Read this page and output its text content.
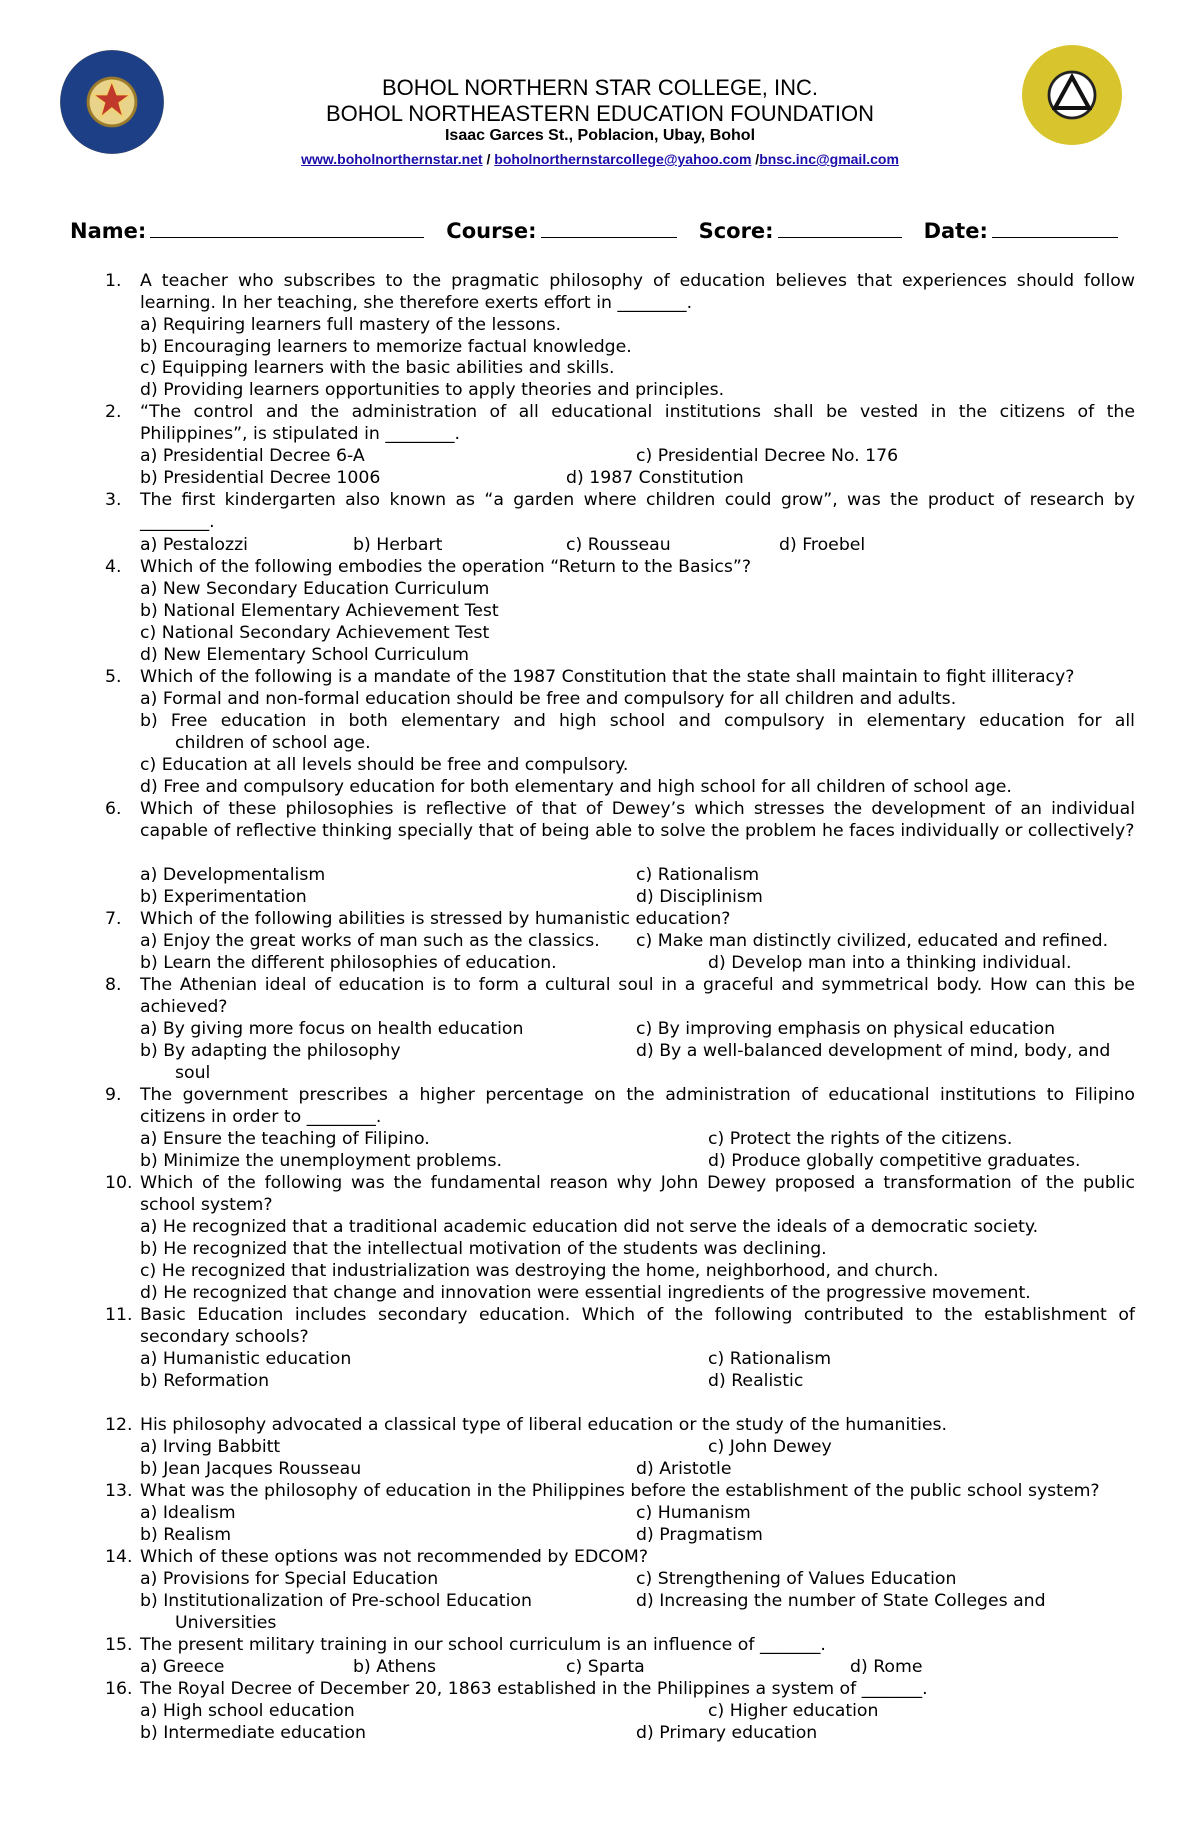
BOHOL NORTHERN STAR COLLEGE, INC.
BOHOL NORTHEASTERN EDUCATION FOUNDATION
Isaac Garces St., Poblacion, Ubay, Bohol
www.boholnorthernstar.net / boholnorthernstarcollege@yahoo.com /bnsc.inc@gmail.com
Name:	Course:	Score:	Date:
1.	A teacher who subscribes to the pragmatic philosophy of education believes that experiences should follow learning. In her teaching, she therefore exerts effort in ________.
a) Requiring learners full mastery of the lessons.
b) Encouraging learners to memorize factual knowledge.
c) Equipping learners with the basic abilities and skills.
d) Providing learners opportunities to apply theories and principles.
2.	“The control and the administration of all educational institutions shall be vested in the citizens of the Philippines”, is stipulated in ________.
a) Presidential Decree 6-A	c) Presidential Decree No. 176
b) Presidential Decree 1006	d) 1987 Constitution
3.	The first kindergarten also known as “a garden where children could grow”, was the product of research by ________.
a) Pestalozzi	b) Herbart	c) Rousseau	d) Froebel
4.	Which of the following embodies the operation “Return to the Basics”?
a) New Secondary Education Curriculum
b) National Elementary Achievement Test
c) National Secondary Achievement Test
d) New Elementary School Curriculum
5.	Which of the following is a mandate of the 1987 Constitution that the state shall maintain to fight illiteracy?
a) Formal and non-formal education should be free and compulsory for all children and adults.
b) Free education in both elementary and high school and compulsory in elementary education for all
children of school age.
c) Education at all levels should be free and compulsory.
d) Free and compulsory education for both elementary and high school for all children of school age.
6.	Which of these philosophies is reflective of that of Dewey’s which stresses the development of an individual capable of reflective thinking specially that of being able to solve the problem he faces individually or collectively?
a) Developmentalism	c) Rationalism
b) Experimentation	d) Disciplinism
7.	Which of the following abilities is stressed by humanistic education?
a) Enjoy the great works of man such as the classics. c) Make man distinctly civilized, educated and refined.
b) Learn the different philosophies of education.	d) Develop man into a thinking individual.
8.	The Athenian ideal of education is to form a cultural soul in a graceful and symmetrical body. How can this be achieved?
a) By giving more focus on health education	c) By improving emphasis on physical education
b) By adapting the philosophy	d) By a well-balanced development of mind, body, and
soul
9.	The government prescribes a higher percentage on the administration of educational institutions to Filipino citizens in order to ________.
a) Ensure the teaching of Filipino.	c) Protect the rights of the citizens.
b) Minimize the unemployment problems.	d) Produce globally competitive graduates.
10. Which of the following was the fundamental reason why John Dewey proposed a transformation of the public school system?
a) He recognized that a traditional academic education did not serve the ideals of a democratic society.
b) He recognized that the intellectual motivation of the students was declining.
c) He recognized that industrialization was destroying the home, neighborhood, and church.
d) He recognized that change and innovation were essential ingredients of the progressive movement.
11. Basic Education includes secondary education. Which of the following contributed to the establishment of secondary schools?
a) Humanistic education	c) Rationalism
b) Reformation	d) Realistic
12. His philosophy advocated a classical type of liberal education or the study of the humanities.
a) Irving Babbitt	c) John Dewey
b) Jean Jacques Rousseau	d) Aristotle
13. What was the philosophy of education in the Philippines before the establishment of the public school system?
a) Idealism	c) Humanism
b) Realism	d) Pragmatism
14. Which of these options was not recommended by EDCOM?
a) Provisions for Special Education	c) Strengthening of Values Education
b) Institutionalization of Pre-school Education	d) Increasing the number of State Colleges and
Universities
15. The present military training in our school curriculum is an influence of _______.
a) Greece	b) Athens	c) Sparta	d) Rome
16. The Royal Decree of December 20, 1863 established in the Philippines a system of _______.
a) High school education	c) Higher education
b) Intermediate education	d) Primary education
